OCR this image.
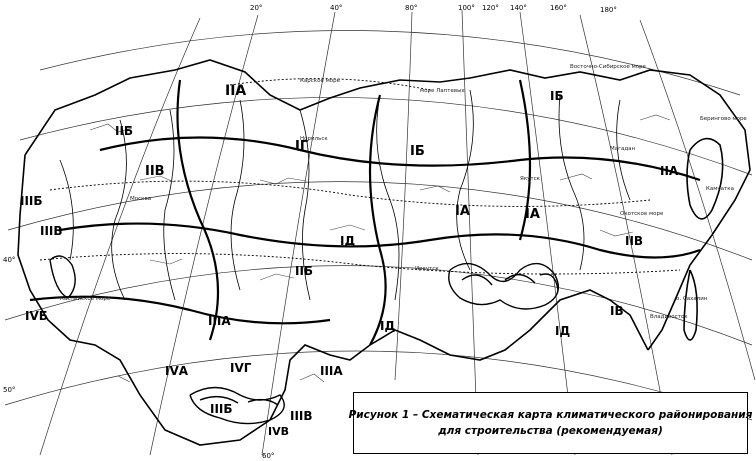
20°	40°	80°	100° 120° 140°	160°	180°
40°
50°
60°
Карское море
море Лаптевых
Восточно-Сибирское море
Берингово море
Охотское море
Каспийское море
Москва
Иркутск
Якутск
Владивосток
Магадан
Норильск
Камчатка
о. Сахалин
IIА
IГ	IБ
IБ
IА	IА
IД
IIА
IIВ
IIВ
IIБ
IIБ
IIIБ
IIIВ
IVБ	IIIА
IIIА
IVА	IVГ
IIIБ	IIIВ
IVВ
IД	IД
IВ
Рисунок 1 – Схематическая карта климатического районирования
для строительства (рекомендуемая)
